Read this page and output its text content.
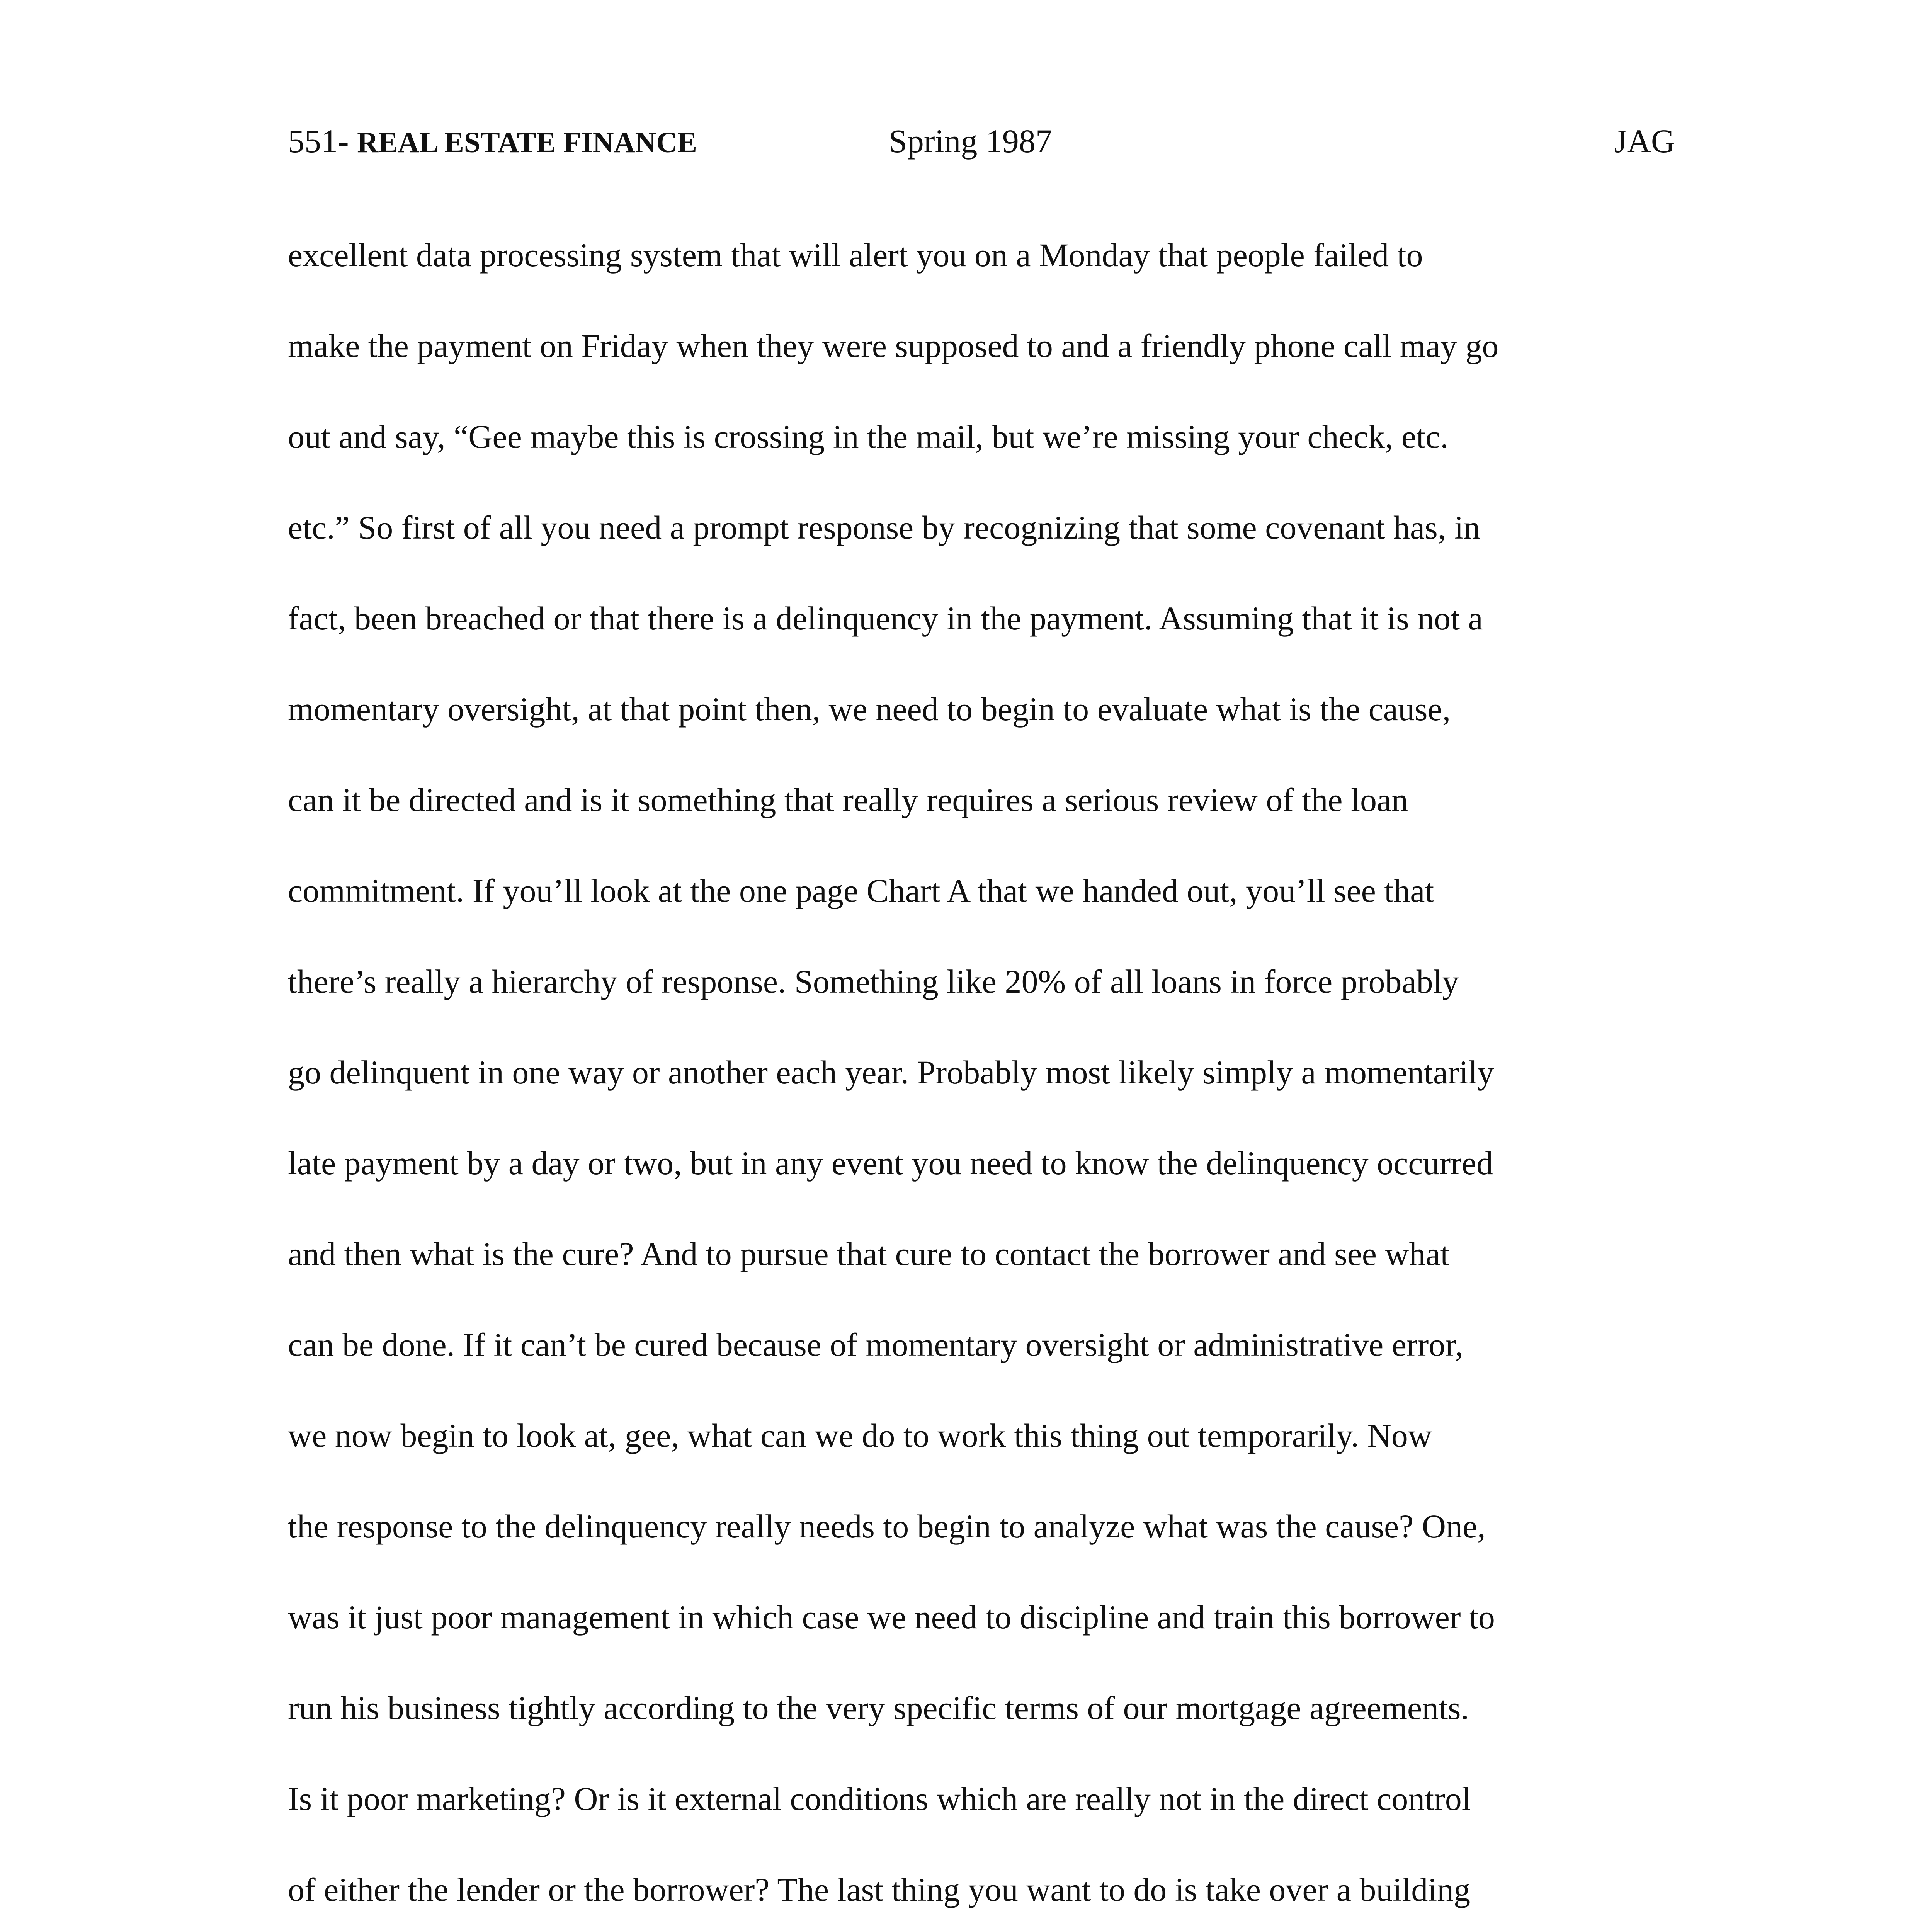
551- REAL ESTATE FINANCE	Spring 1987	JAG
excellent data processing system that will alert you on a Monday that people failed to
make the payment on Friday when they were supposed to and a friendly phone call may go
out and say, “Gee maybe this is crossing in the mail, but we’re missing your check, etc.
etc.” So first of all you need a prompt response by recognizing that some covenant has, in
fact, been breached or that there is a delinquency in the payment. Assuming that it is not a
momentary oversight, at that point then, we need to begin to evaluate what is the cause,
can it be directed and is it something that really requires a serious review of the loan
commitment. If you’ll look at the one page Chart A that we handed out, you’ll see that
there’s really a hierarchy of response. Something like 20% of all loans in force probably
go delinquent in one way or another each year. Probably most likely simply a momentarily
late payment by a day or two, but in any event you need to know the delinquency occurred
and then what is the cure? And to pursue that cure to contact the borrower and see what
can be done. If it can’t be cured because of momentary oversight or administrative error,
we now begin to look at, gee, what can we do to work this thing out temporarily. Now
the response to the delinquency really needs to begin to analyze what was the cause? One,
was it just poor management in which case we need to discipline and train this borrower to
run his business tightly according to the very specific terms of our mortgage agreements.
Is it poor marketing? Or is it external conditions which are really not in the direct control
of either the lender or the borrower? The last thing you want to do is take over a building
